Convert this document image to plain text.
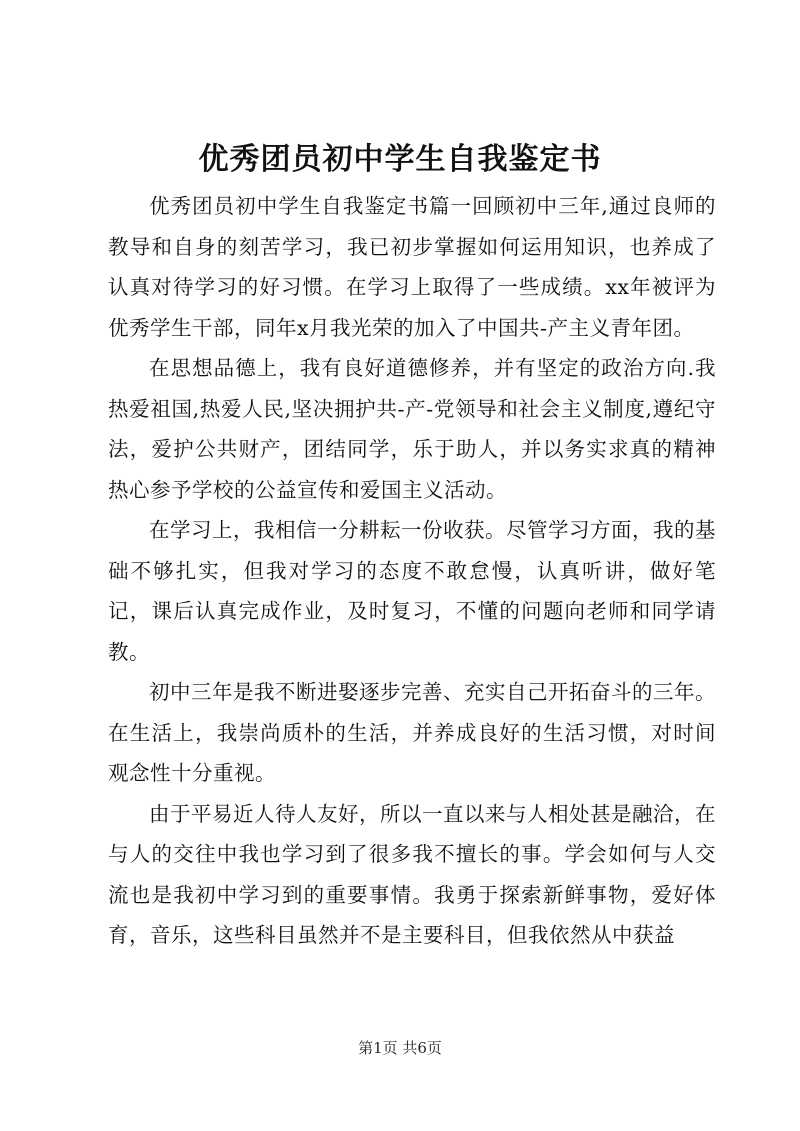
优秀团员初中学生自我鉴定书

优秀团员初中学生自我鉴定书篇一回顾初中三年,通过良师的教导和自身的刻苦学习，我已初步掌握如何运用知识，也养成了认真对待学习的好习惯。在学习上取得了一些成绩。xx年被评为优秀学生干部，同年x月我光荣的加入了中国共-产主义青年团。

在思想品德上，我有良好道德修养，并有坚定的政治方向.我热爱祖国,热爱人民,坚决拥护共-产-党领导和社会主义制度,遵纪守法，爱护公共财产，团结同学，乐于助人，并以务实求真的精神热心参予学校的公益宣传和爱国主义活动。

在学习上，我相信一分耕耘一份收获。尽管学习方面，我的基础不够扎实，但我对学习的态度不敢怠慢，认真听讲，做好笔记，课后认真完成作业，及时复习，不懂的问题向老师和同学请教。

初中三年是我不断进娶逐步完善、充实自己开拓奋斗的三年。在生活上，我崇尚质朴的生活，并养成良好的生活习惯，对时间观念性十分重视。

由于平易近人待人友好，所以一直以来与人相处甚是融洽，在与人的交往中我也学习到了很多我不擅长的事。学会如何与人交流也是我初中学习到的重要事情。我勇于探索新鲜事物，爱好体育，音乐，这些科目虽然并不是主要科目，但我依然从中获益

第1页 共6页
